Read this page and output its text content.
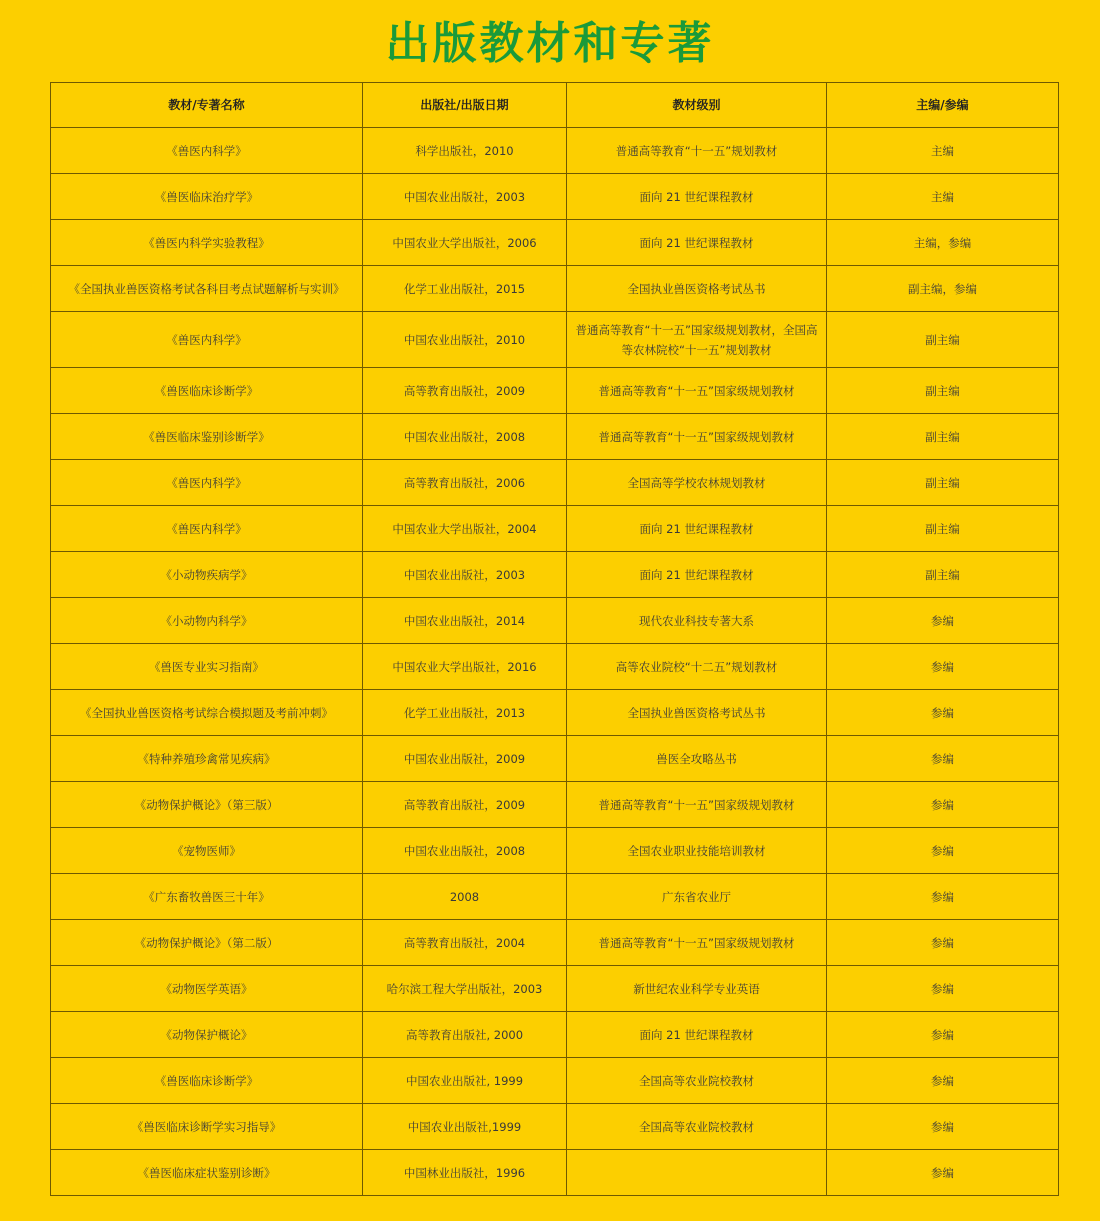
出版教材和专著
教材/专著名称	出版社/出版日期	教材级别	主编/参编
《兽医内科学》	科学出版社，2010	普通高等教育“十一五”规划教材	主编
《兽医临床治疗学》	中国农业出版社，2003	面向 21 世纪课程教材	主编
《兽医内科学实验教程》	中国农业大学出版社，2006	面向 21 世纪课程教材	主编，参编
《全国执业兽医资格考试各科目考点试题解析与实训》	化学工业出版社，2015	全国执业兽医资格考试丛书	副主编，参编
《兽医内科学》	中国农业出版社，2010	普通高等教育“十一五”国家级规划教材，全国高等农林院校“十一五”规划教材	副主编
《兽医临床诊断学》	高等教育出版社，2009	普通高等教育“十一五”国家级规划教材	副主编
《兽医临床鉴别诊断学》	中国农业出版社，2008	普通高等教育“十一五”国家级规划教材	副主编
《兽医内科学》	高等教育出版社，2006	全国高等学校农林规划教材	副主编
《兽医内科学》	中国农业大学出版社，2004	面向 21 世纪课程教材	副主编
《小动物疾病学》	中国农业出版社，2003	面向 21 世纪课程教材	副主编
《小动物内科学》	中国农业出版社，2014	现代农业科技专著大系	参编
《兽医专业实习指南》	中国农业大学出版社，2016	高等农业院校“十二五”规划教材	参编
《全国执业兽医资格考试综合模拟题及考前冲刺》	化学工业出版社，2013	全国执业兽医资格考试丛书	参编
《特种养殖珍禽常见疾病》	中国农业出版社，2009	兽医全攻略丛书	参编
《动物保护概论》（第三版）	高等教育出版社，2009	普通高等教育“十一五”国家级规划教材	参编
《宠物医师》	中国农业出版社，2008	全国农业职业技能培训教材	参编
《广东畜牧兽医三十年》	2008	广东省农业厅	参编
《动物保护概论》（第二版）	高等教育出版社，2004	普通高等教育“十一五”国家级规划教材	参编
《动物医学英语》	哈尔滨工程大学出版社，2003	新世纪农业科学专业英语	参编
《动物保护概论》	高等教育出版社, 2000	面向 21 世纪课程教材	参编
《兽医临床诊断学》	中国农业出版社, 1999	全国高等农业院校教材	参编
《兽医临床诊断学实习指导》	中国农业出版社,1999	全国高等农业院校教材	参编
《兽医临床症状鉴别诊断》	中国林业出版社，1996		参编
